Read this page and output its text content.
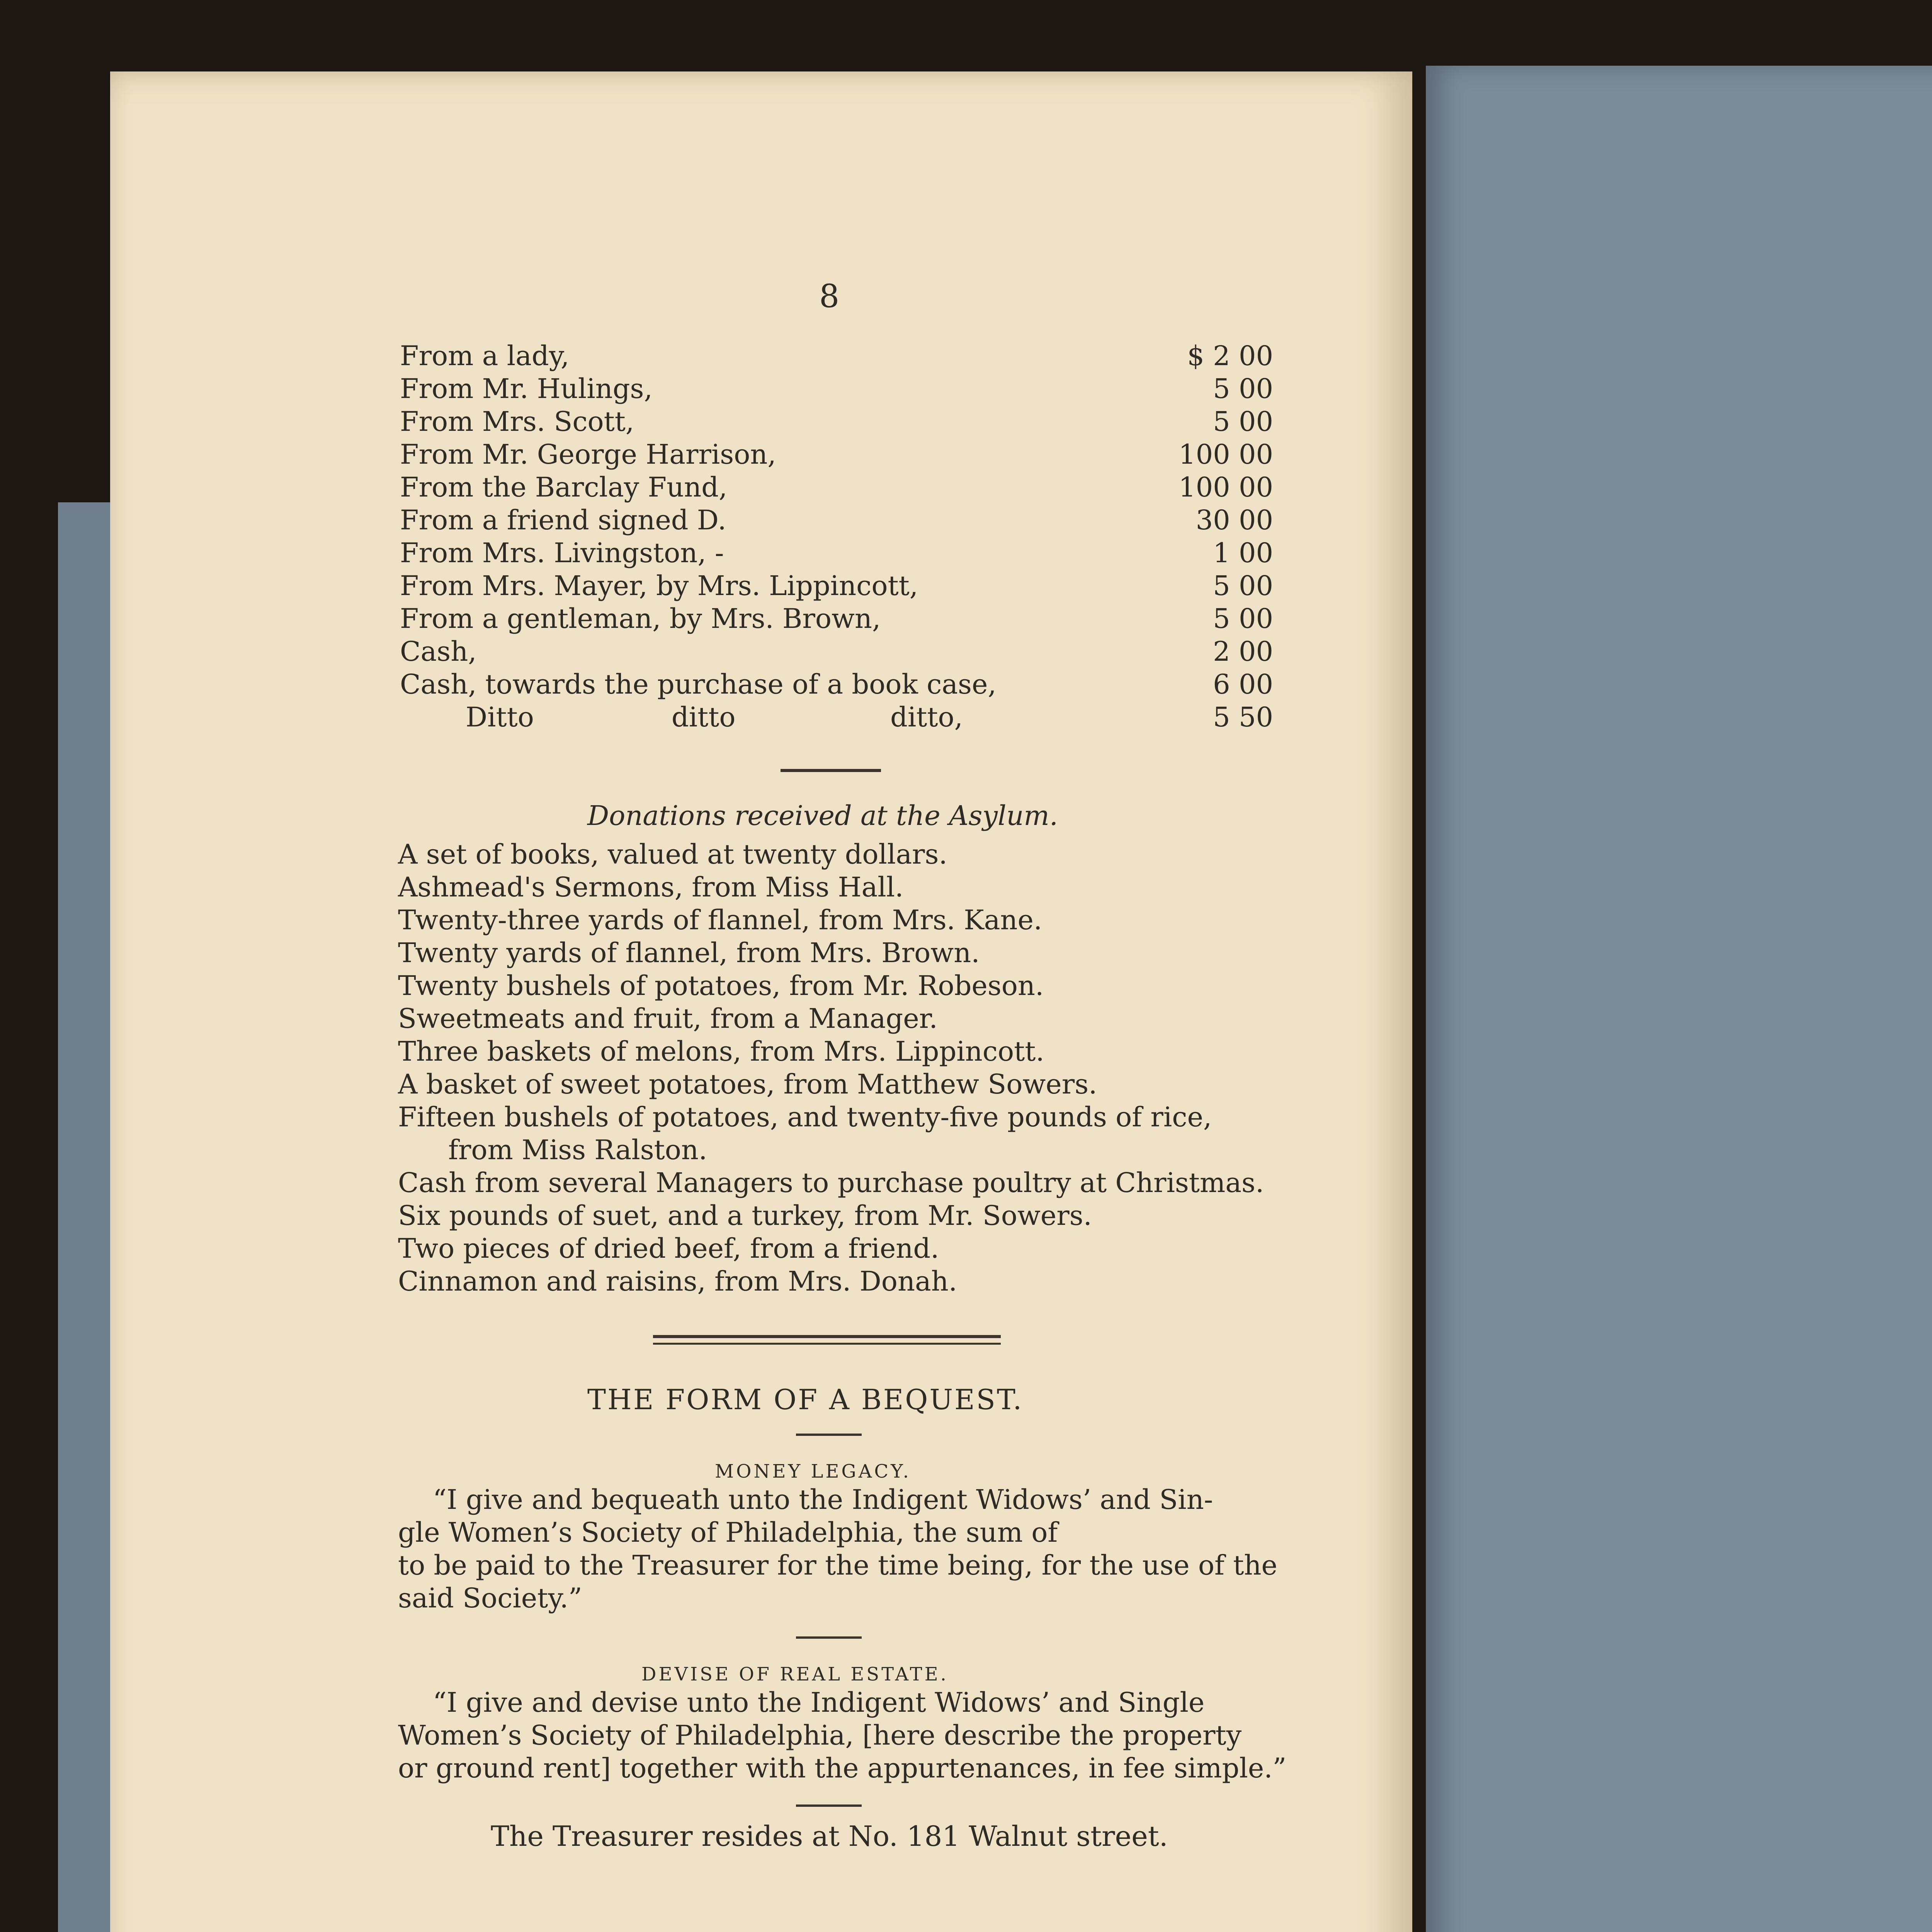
8
From a lady,	$ 2 00
From Mr. Hulings,	5 00
From Mrs. Scott,	5 00
From Mr. George Harrison,	100 00
From the Barclay Fund,	100 00
From a friend signed D.	30 00
From Mrs. Livingston, -	1 00
From Mrs. Mayer, by Mrs. Lippincott,	5 00
From a gentleman, by Mrs. Brown,	5 00
Cash,	2 00
Cash, towards the purchase of a book case,	6 00
Ditto                ditto                  ditto,	5 50
Donations received at the Asylum.
A set of books, valued at twenty dollars.
Ashmead's Sermons, from Miss Hall.
Twenty-three yards of flannel, from Mrs. Kane.
Twenty yards of flannel, from Mrs. Brown.
Twenty bushels of potatoes, from Mr. Robeson.
Sweetmeats and fruit, from a Manager.
Three baskets of melons, from Mrs. Lippincott.
A basket of sweet potatoes, from Matthew Sowers.
Fifteen bushels of potatoes, and twenty-five pounds of rice,
from Miss Ralston.
Cash from several Managers to purchase poultry at Christmas.
Six pounds of suet, and a turkey, from Mr. Sowers.
Two pieces of dried beef, from a friend.
Cinnamon and raisins, from Mrs. Donah.
THE FORM OF A BEQUEST.
MONEY LEGACY.
“I give and bequeath unto the Indigent Widows’ and Sin-
gle Women’s Society of Philadelphia, the sum of
to be paid to the Treasurer for the time being, for the use of the
said Society.”
DEVISE OF REAL ESTATE.
“I give and devise unto the Indigent Widows’ and Single
Women’s Society of Philadelphia, [here describe the property
or ground rent] together with the appurtenances, in fee simple.”
The Treasurer resides at No. 181 Walnut street.
